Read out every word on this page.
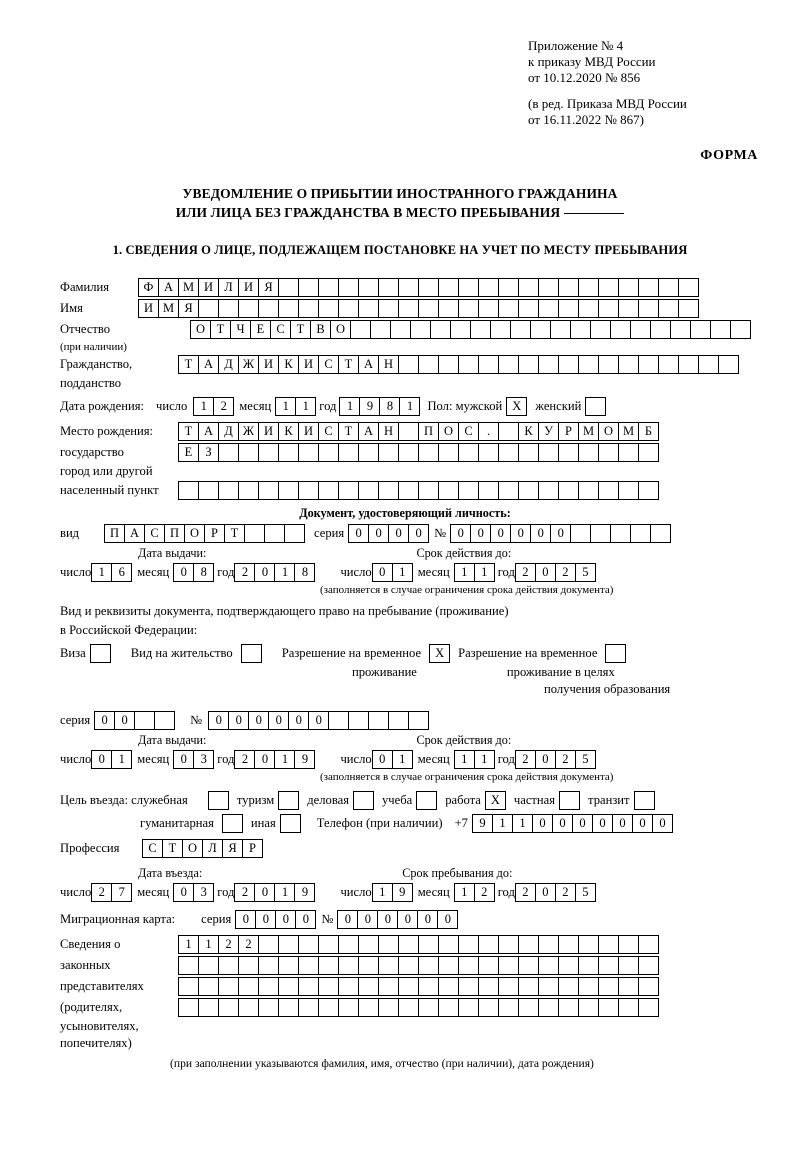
Приложение № 4
к приказу МВД России
от 10.12.2020 № 856
(в ред. Приказа МВД России
от 16.11.2022 № 867)
ФОРМА
УВЕДОМЛЕНИЕ О ПРИБЫТИИ ИНОСТРАННОГО ГРАЖДАНИНА
ИЛИ ЛИЦА БЕЗ ГРАЖДАНСТВА В МЕСТО ПРЕБЫВАНИЯ
1. СВЕДЕНИЯ О ЛИЦЕ, ПОДЛЕЖАЩЕМ ПОСТАНОВКЕ НА УЧЕТ ПО МЕСТУ ПРЕБЫВАНИЯ
Фамилия	Ф А М И Л И Я
Имя	И М Я
Отчество	О Т Ч Е С Т В О
(при наличии)
Гражданство,	Т А Д Ж И К И С Т А Н
подданство
Дата рождения: число	1	2 месяц 1	1 год 1	9	8	1	Пол: мужской X	женский
Место рождения:	Т А Д Ж И К И С Т А Н	П О С	.	К У Р М О М Б
государство	Е	З
город или другой
населенный пункт
Документ, удостоверяющий личность:
вид	П А С П О Р	Т	серия 0	0	0	0 № 0	0	0	0	0	0
Дата выдачи:	Срок действия до:
число 1	6 месяц 0	8 год 2	0	1	8	число 0	1 месяц 1	1 год 2	0	2	5
(заполняется в случае ограничения срока действия документа)
Вид и реквизиты документа, подтверждающего право на пребывание (проживание)
в Российской Федерации:
Виза	Вид на жительство	Разрешение на временное	X	Разрешение на временное
проживание	проживание в целях
получения образования
серия 0	0	№	0	0	0	0	0	0
Дата выдачи:	Срок действия до:
число 0	1 месяц 0	3 год 2	0	1	9	число 0	1 месяц 1	1 год 2	0	2	5
(заполняется в случае ограничения срока действия документа)
Цель въезда: служебная	туризм	деловая	учеба	работа X	частная	транзит
гуманитарная	иная	Телефон (при наличии) +7 9	1	1	0	0	0	0	0	0	0
Профессия	С Т О Л Я Р
Дата въезда:	Срок пребывания до:
число 2	7 месяц 0	3 год 2	0	1	9	число 1	9 месяц 1	2 год 2	0	2	5
Миграционная карта: серия 0	0	0	0 № 0	0	0	0	0	0
Сведения о	1	1	2	2
законных
представителях
(родителях,
усыновителях,
попечителях)
(при заполнении указываются фамилия, имя, отчество (при наличии), дата рождения)
